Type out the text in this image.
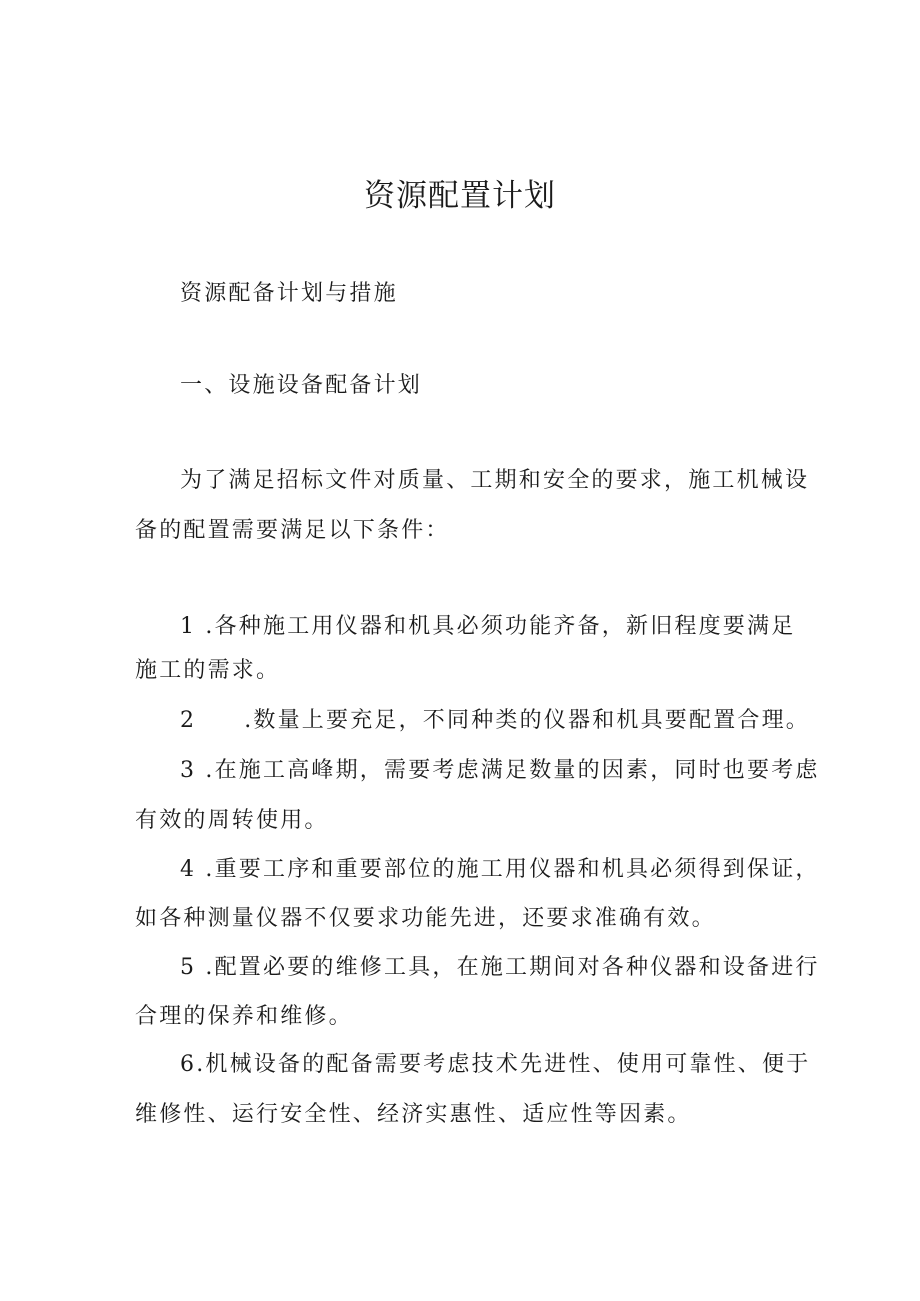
资源配置计划

资源配备计划与措施

一、设施设备配备计划

为了满足招标文件对质量、工期和安全的要求，施工机械设

备的配置需要满足以下条件：

1 .各种施工用仪器和机具必须功能齐备，新旧程度要满足

施工的需求。

2 .数量上要充足，不同种类的仪器和机具要配置合理。

3 .在施工高峰期，需要考虑满足数量的因素，同时也要考虑

有效的周转使用。

4 .重要工序和重要部位的施工用仪器和机具必须得到保证，

如各种测量仪器不仅要求功能先进，还要求准确有效。

5 .配置必要的维修工具，在施工期间对各种仪器和设备进行

合理的保养和维修。

6.机械设备的配备需要考虑技术先进性、使用可靠性、便于

维修性、运行安全性、经济实惠性、适应性等因素。
